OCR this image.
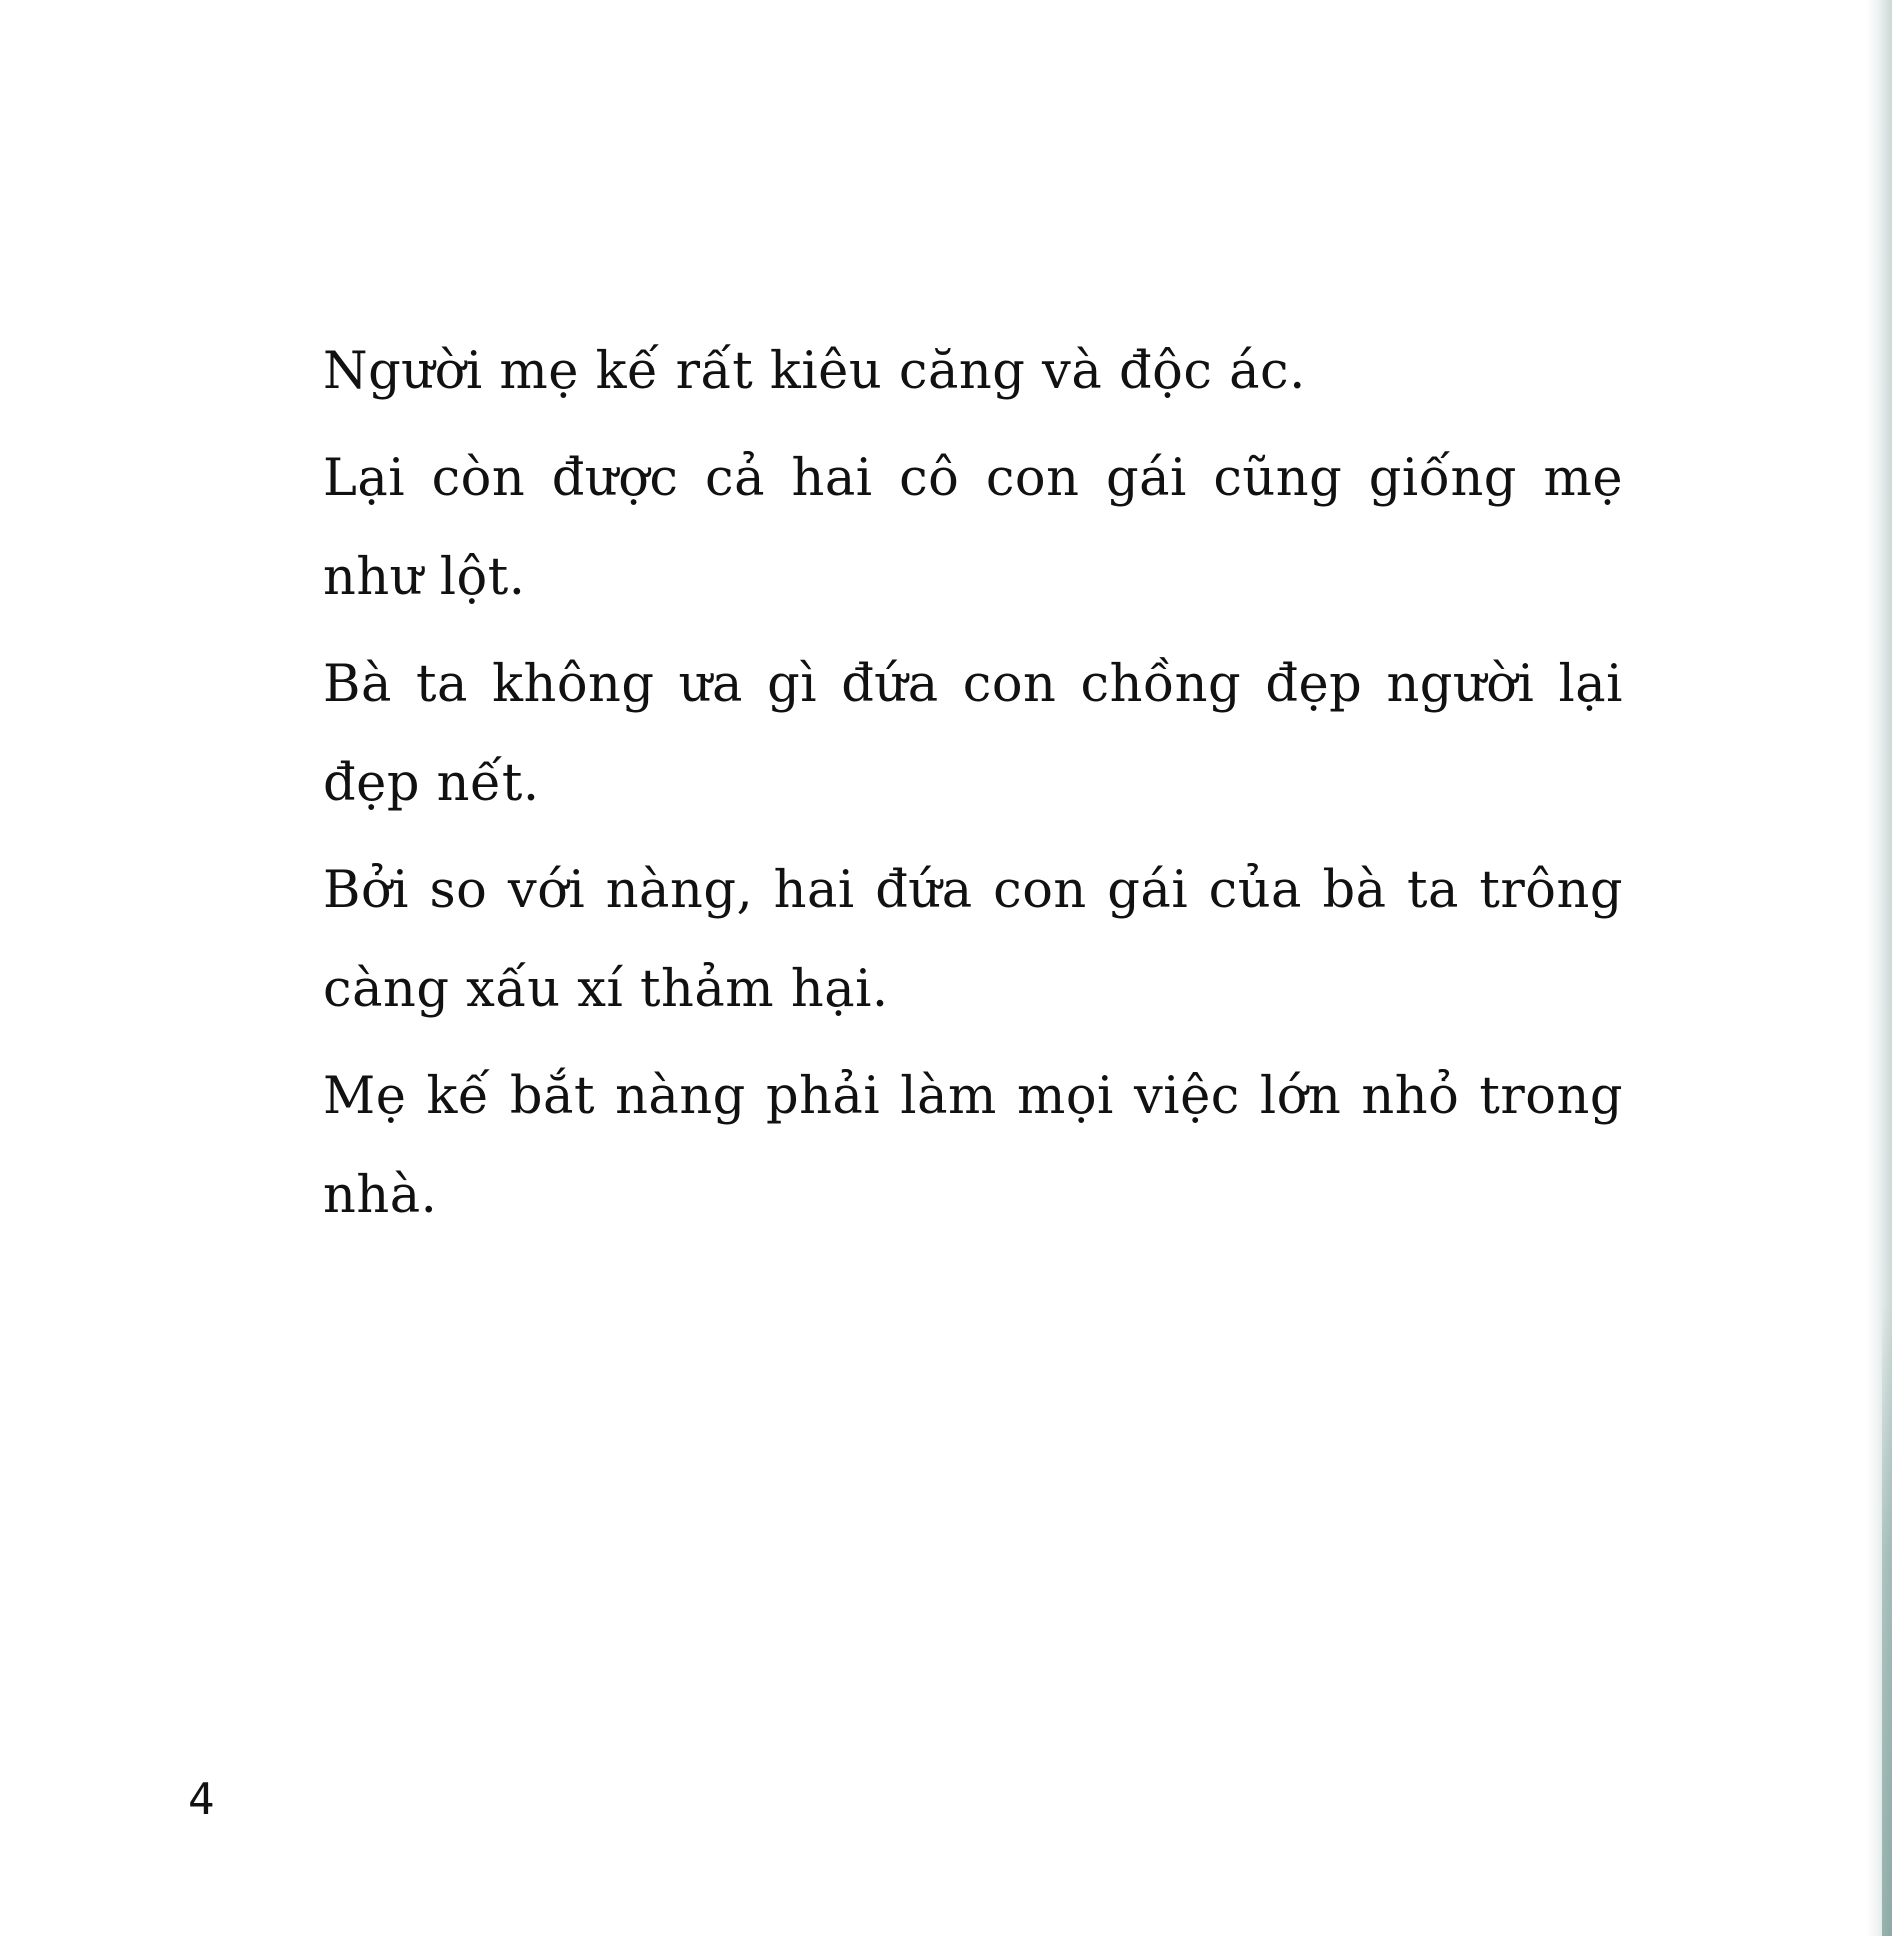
Người mẹ kế rất kiêu căng và độc ác.

Lại còn được cả hai cô con gái cũng giống mẹ như lột.

Bà ta không ưa gì đứa con chồng đẹp người lại đẹp nết.

Bởi so với nàng, hai đứa con gái của bà ta trông càng xấu xí thảm hại.

Mẹ kế bắt nàng phải làm mọi việc lớn nhỏ trong nhà.

4
